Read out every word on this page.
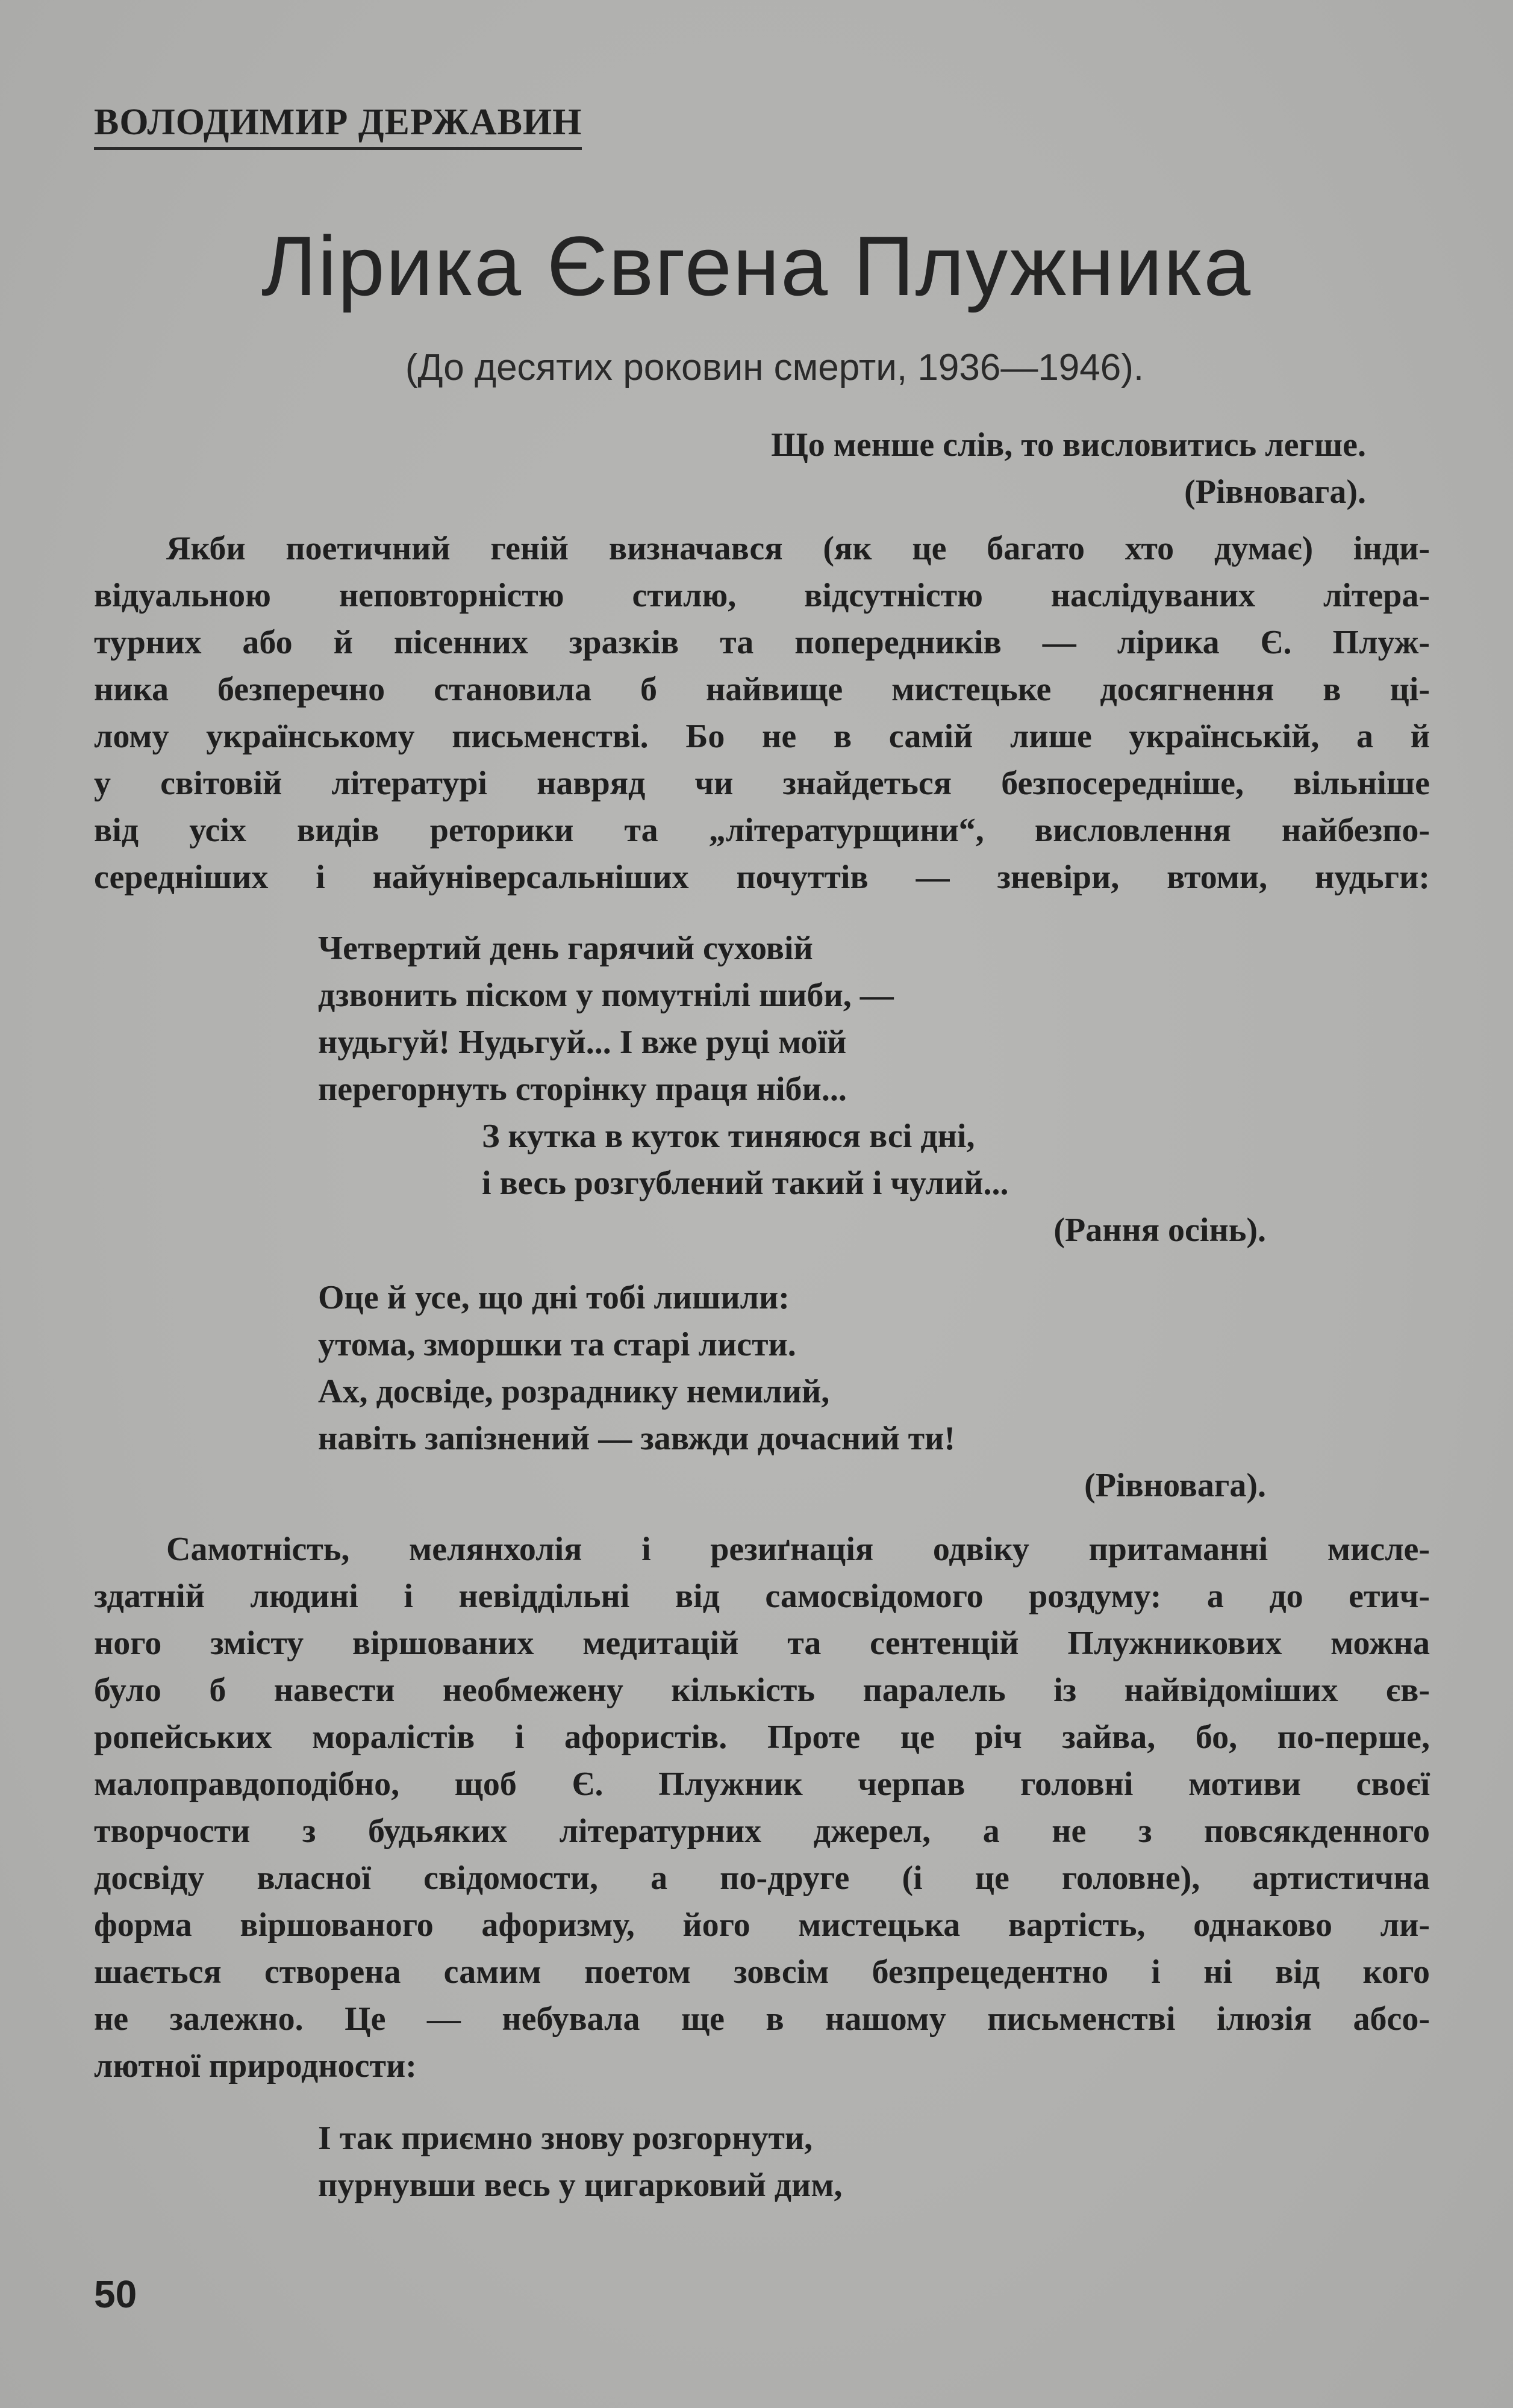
ВОЛОДИМИР ДЕРЖАВИН
Лірика Євгена Плужника
(До десятих роковин смерти, 1936—1946).
Що менше слів, то висловитись легше.
(Рівновага).
Якби поетичний геній визначався (як це багато хто думає) інди-
відуальною неповторністю стилю, відсутністю наслідуваних літера-
турних або й пісенних зразків та попередників — лірика Є. Плуж-
ника безперечно становила б найвище мистецьке досягнення в ці-
лому українському письменстві. Бо не в самій лише українській, а й
у світовій літературі навряд чи знайдеться безпосередніше, вільніше
від усіх видів реторики та „літературщини“, висловлення найбезпо-
середніших і найуніверсальніших почуттів — зневіри, втоми, нудьги:
Четвертий день гарячий суховій
дзвонить піском у помутнілі шиби, —
нудьгуй! Нудьгуй... І вже руці моїй
перегорнуть сторінку праця ніби...
З кутка в куток тиняюся всі дні,
і весь розгублений такий і чулий...
(Рання осінь).
Оце й усе, що дні тобі лишили:
утома, зморшки та старі листи.
Ах, досвіде, розраднику немилий,
навіть запізнений — завжди дочасний ти!
(Рівновага).
Самотність, мелянхолія і резиґнація одвіку притаманні мисле-
здатній людині і невіддільні від самосвідомого роздуму: а до етич-
ного змісту віршованих медитацій та сентенцій Плужникових можна
було б навести необмежену кількість паралель із найвідоміших єв-
ропейських моралістів і афористів. Проте це річ зайва, бо, по-перше,
малоправдоподібно, щоб Є. Плужник черпав головні мотиви своєї
творчости з будьяких літературних джерел, а не з повсякденного
досвіду власної свідомости, а по-друге (і це головне), артистична
форма віршованого афоризму, його мистецька вартість, однаково ли-
шається створена самим поетом зовсім безпрецедентно і ні від кого
не залежно. Це — небувала ще в нашому письменстві ілюзія абсо-
лютної природности:
І так приємно знову розгорнути,
пурнувши весь у цигарковий дим,
50
